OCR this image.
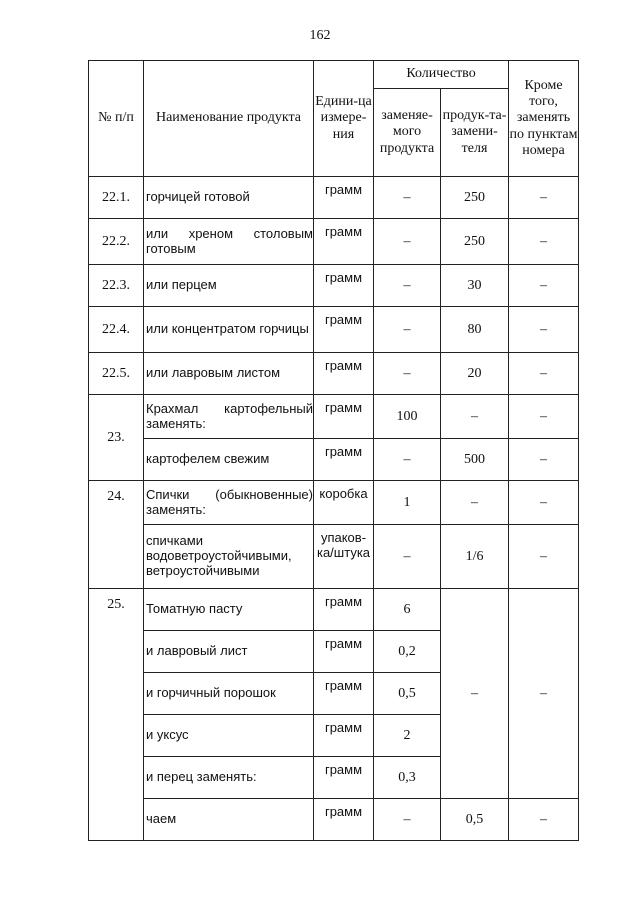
162
№ п/п	Наименование продукта	Едини-ца измере-ния	Количество		Кроме того, заменять по пунктам номера
			заменяе-мого продукта	продук-та-замени-теля	
22.1.	горчицей готовой	грамм	–	250	–
22.2.	или хреном столовым готовым	грамм	–	250	–
22.3.	или перцем	грамм	–	30	–
22.4.	или концентратом горчицы	грамм	–	80	–
22.5.	или лавровым листом	грамм	–	20	–
23.	Крахмал картофельный заменять:	грамм	100	–	–
	картофелем свежим	грамм	–	500	–
24.	Спички (обыкновенные) заменять:	коробка	1	–	–
	спичками водоветроустойчивыми, ветроустойчивыми	упаков-ка/штука	–	1/6	–
25.	Томатную пасту	грамм	6	–	–
	и лавровый лист	грамм	0,2		
	и горчичный порошок	грамм	0,5		
	и уксус	грамм	2		
	и перец заменять:	грамм	0,3		
	чаем	грамм	–	0,5	–
